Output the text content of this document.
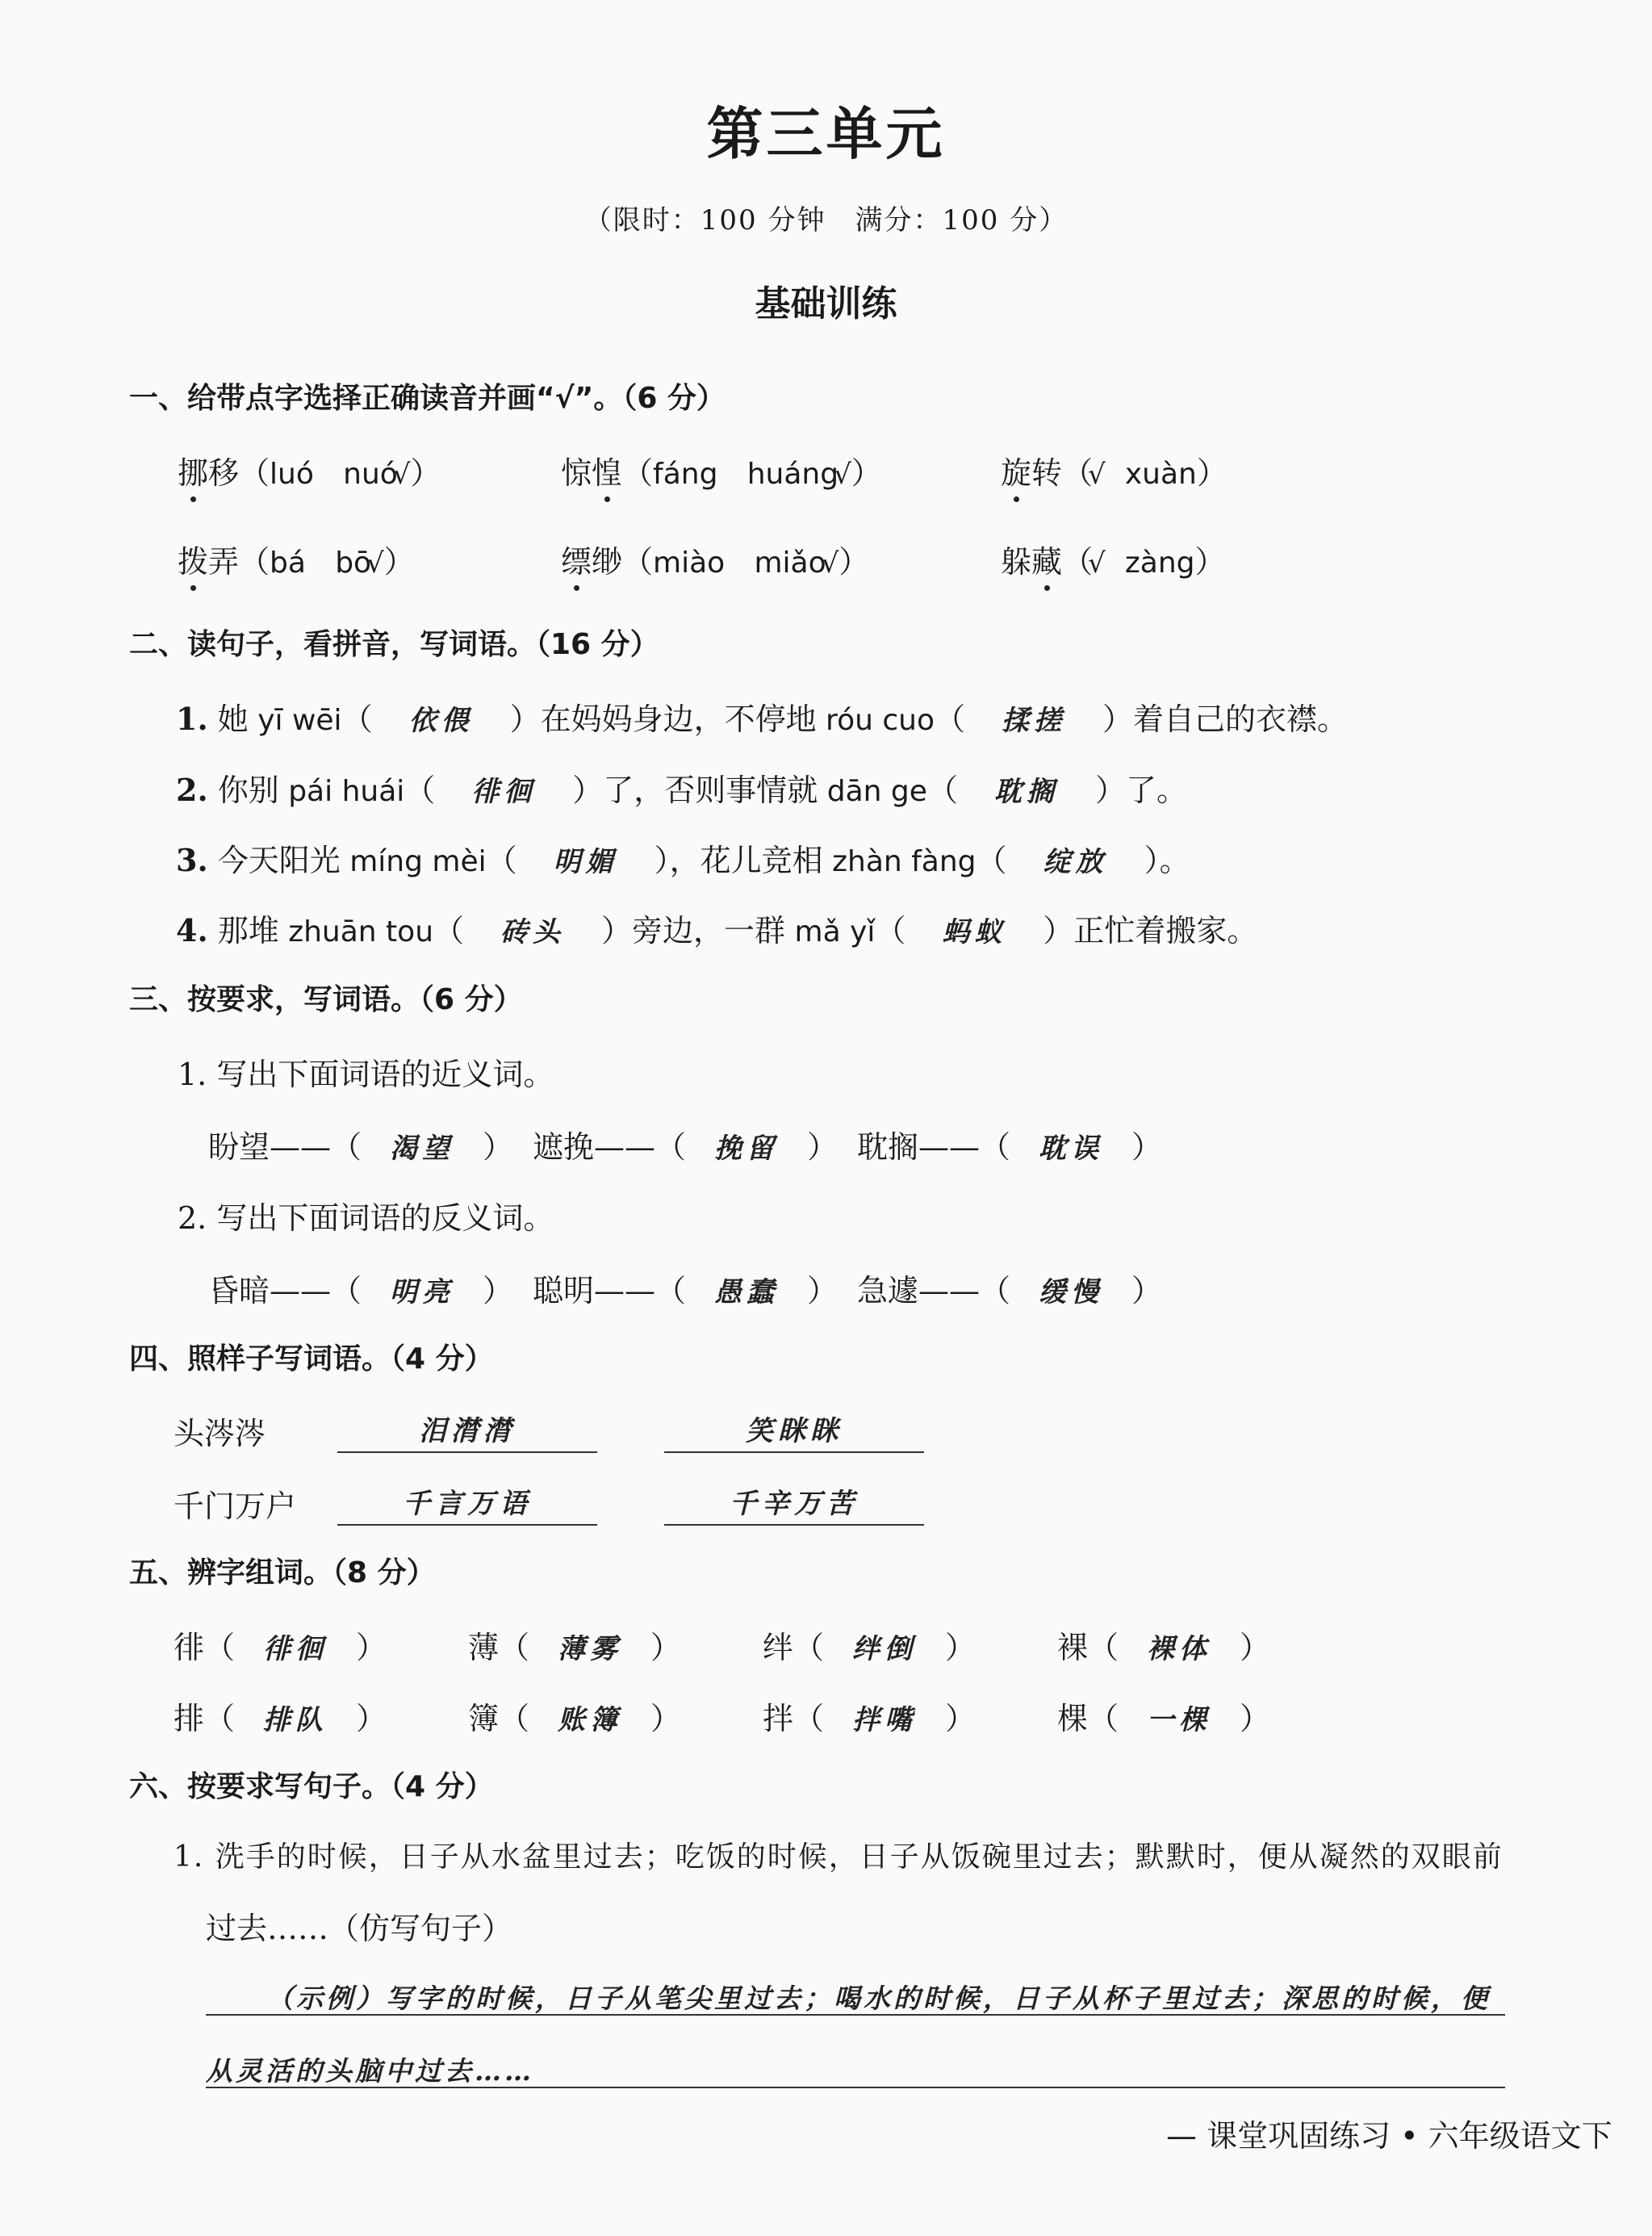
第三单元
（限时：100 分钟　满分：100 分）
基础训练
一、给带点字选择正确读音并画“√”。（6 分）
挪移（luó nuó√）	惊惶（fáng huáng√）	旋转（√ xuàn）
拨弄（bá bō√）	缥缈（miào miǎo√）	躲藏（√ zàng）
二、读句子，看拼音，写词语。（16 分）
1. 她 yī wēi（ 依偎 ）在妈妈身边，不停地 róu cuo（ 揉搓 ）着自己的衣襟。
2. 你别 pái huái（ 徘徊 ）了，否则事情就 dān ge（ 耽搁 ）了。
3. 今天阳光 míng mèi（ 明媚 ），花儿竞相 zhàn fàng（ 绽放 ）。
4. 那堆 zhuān tou（ 砖头 ）旁边，一群 mǎ yǐ（ 蚂蚁 ）正忙着搬家。
三、按要求，写词语。（6 分）
1. 写出下面词语的近义词。
盼望——（ 渴望 ） 遮挽——（ 挽留 ） 耽搁——（ 耽误 ）
2. 写出下面词语的反义词。
昏暗——（ 明亮 ） 聪明——（ 愚蠢 ） 急遽——（ 缓慢 ）
四、照样子写词语。（4 分）
头涔涔	泪潸潸	笑眯眯
千门万户	千言万语	千辛万苦
五、辨字组词。（8 分）
徘（ 徘徊 ）	薄（ 薄雾 ）	绊（ 绊倒 ）	裸（ 裸体 ）
排（ 排队 ）	簿（ 账簿 ）	拌（ 拌嘴 ）	棵（ 一棵 ）
六、按要求写句子。（4 分）
1. 洗手的时候，日子从水盆里过去；吃饭的时候，日子从饭碗里过去；默默时，便从凝然的双眼前
过去……（仿写句子）
（示例）写字的时候，日子从笔尖里过去；喝水的时候，日子从杯子里过去；深思的时候，便
从灵活的头脑中过去……
— 课堂巩固练习 • 六年级语文下
